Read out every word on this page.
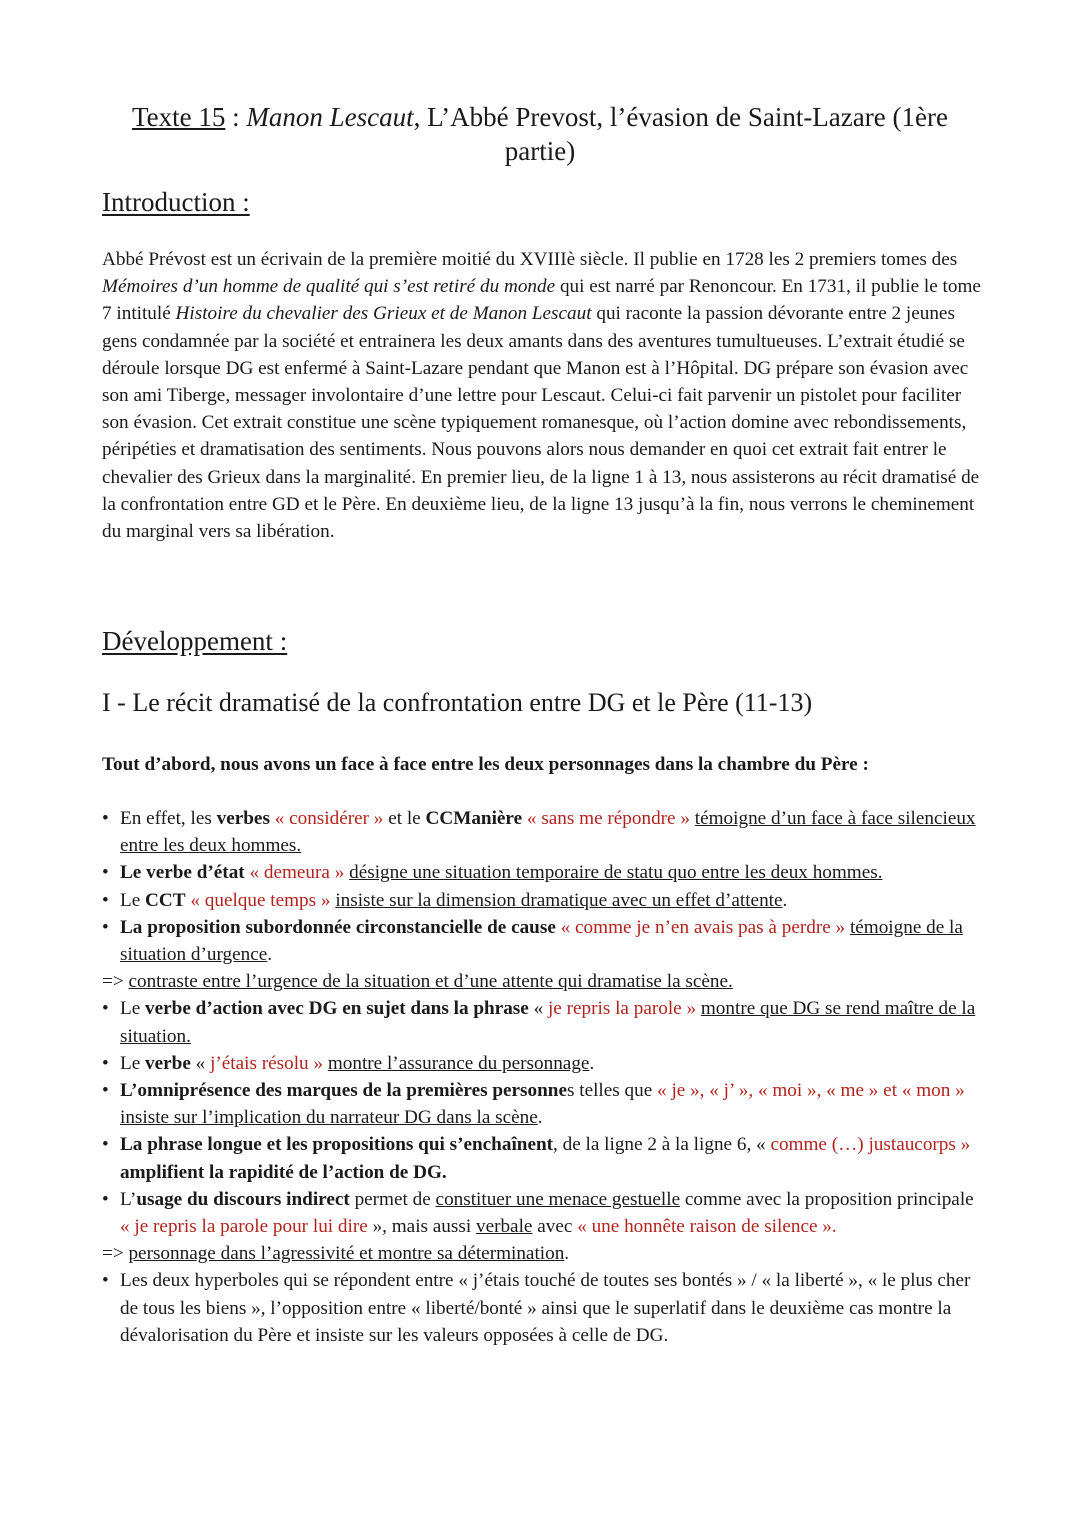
Texte 15 : Manon Lescaut, L’Abbé Prevost, l’évasion de Saint-Lazare (1ère partie)
Introduction :
Abbé Prévost est un écrivain de la première moitié du XVIIIè siècle. Il publie en 1728 les 2 premiers tomes des Mémoires d’un homme de qualité qui s’est retiré du monde qui est narré par Renoncour. En 1731, il publie le tome 7 intitulé Histoire du chevalier des Grieux et de Manon Lescaut qui raconte la passion dévorante entre 2 jeunes gens condamnée par la société et entrainera les deux amants dans des aventures tumultueuses. L’extrait étudié se déroule lorsque DG est enfermé à Saint-Lazare pendant que Manon est à l’Hôpital. DG prépare son évasion avec son ami Tiberge, messager involontaire d’une lettre pour Lescaut. Celui-ci fait parvenir un pistolet pour faciliter son évasion. Cet extrait constitue une scène typiquement romanesque, où l’action domine avec rebondissements, péripéties et dramatisation des sentiments. Nous pouvons alors nous demander en quoi cet extrait fait entrer le chevalier des Grieux dans la marginalité. En premier lieu, de la ligne 1 à 13, nous assisterons au récit dramatisé de la confrontation entre GD et le Père. En deuxième lieu, de la ligne 13 jusqu’à la fin, nous verrons le cheminement du marginal vers sa libération.
Développement :
I - Le récit dramatisé de la confrontation entre DG et le Père (11-13)
Tout d’abord, nous avons un face à face entre les deux personnages dans la chambre du Père :
• En effet, les verbes « considérer » et le CCManière « sans me répondre » témoigne d’un face à face silencieux entre les deux hommes.
• Le verbe d’état « demeura » désigne une situation temporaire de statu quo entre les deux hommes.
• Le CCT « quelque temps » insiste sur la dimension dramatique avec un effet d’attente.
• La proposition subordonnée circonstancielle de cause « comme je n’en avais pas à perdre » témoigne de la situation d’urgence.
=> contraste entre l’urgence de la situation et d’une attente qui dramatise la scène.
• Le verbe d’action avec DG en sujet dans la phrase « je repris la parole » montre que DG se rend maître de la situation.
• Le verbe « j’étais résolu » montre l’assurance du personnage.
• L’omniprésence des marques de la premières personnes telles que « je », « j’ », « moi », « me » et « mon » insiste sur l’implication du narrateur DG dans la scène.
• La phrase longue et les propositions qui s’enchaînent, de la ligne 2 à la ligne 6, « comme (…) justaucorps » amplifient la rapidité de l’action de DG.
• L’usage du discours indirect permet de constituer une menace gestuelle comme avec la proposition principale « je repris la parole pour lui dire », mais aussi verbale avec « une honnête raison de silence ».
=> personnage dans l’agressivité et montre sa détermination.
• Les deux hyperboles qui se répondent entre « j’étais touché de toutes ses bontés » / « la liberté », « le plus cher de tous les biens », l’opposition entre « liberté/bonté » ainsi que le superlatif dans le deuxième cas montre la dévalorisation du Père et insiste sur les valeurs opposées à celle de DG.
